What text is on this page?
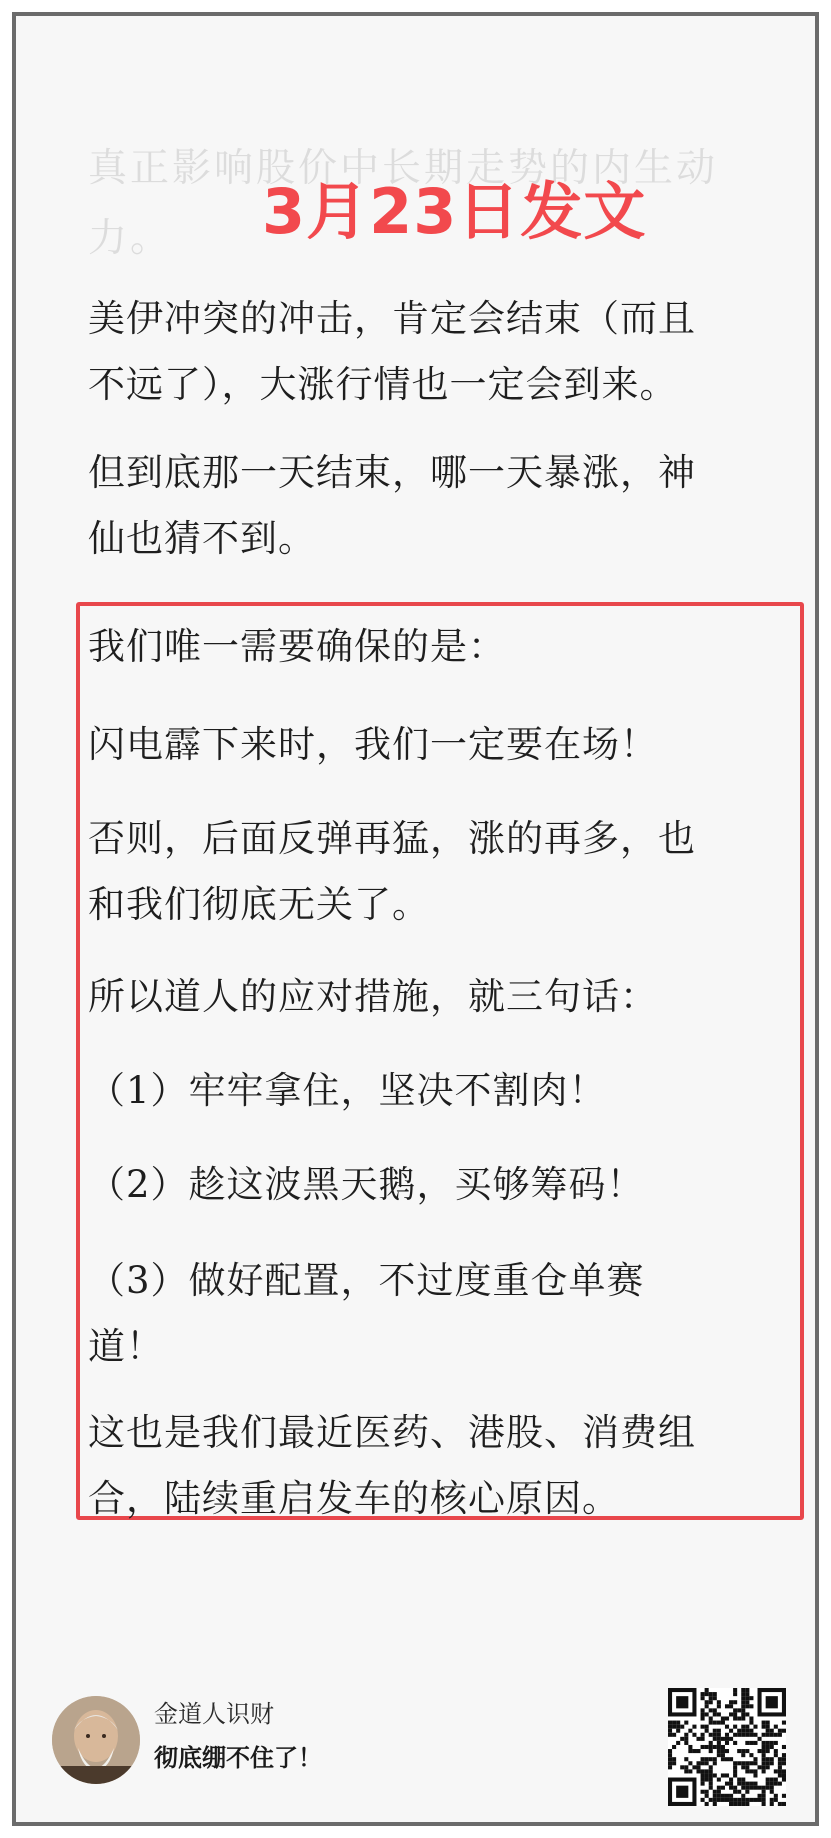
真正影响股价中长期走势的内生动
力。	3月23日发文
美伊冲突的冲击，肯定会结束（而且
不远了），大涨行情也一定会到来。
但到底那一天结束，哪一天暴涨，神
仙也猜不到。
我们唯一需要确保的是：
闪电霹下来时，我们一定要在场！
否则，后面反弹再猛，涨的再多，也
和我们彻底无关了。
所以道人的应对措施，就三句话：
（1）牢牢拿住，坚决不割肉！
（2）趁这波黑天鹅，买够筹码！
（3）做好配置，不过度重仓单赛
道！
这也是我们最近医药、港股、消费组
合，陆续重启发车的核心原因。
金道人识财
彻底绷不住了！
